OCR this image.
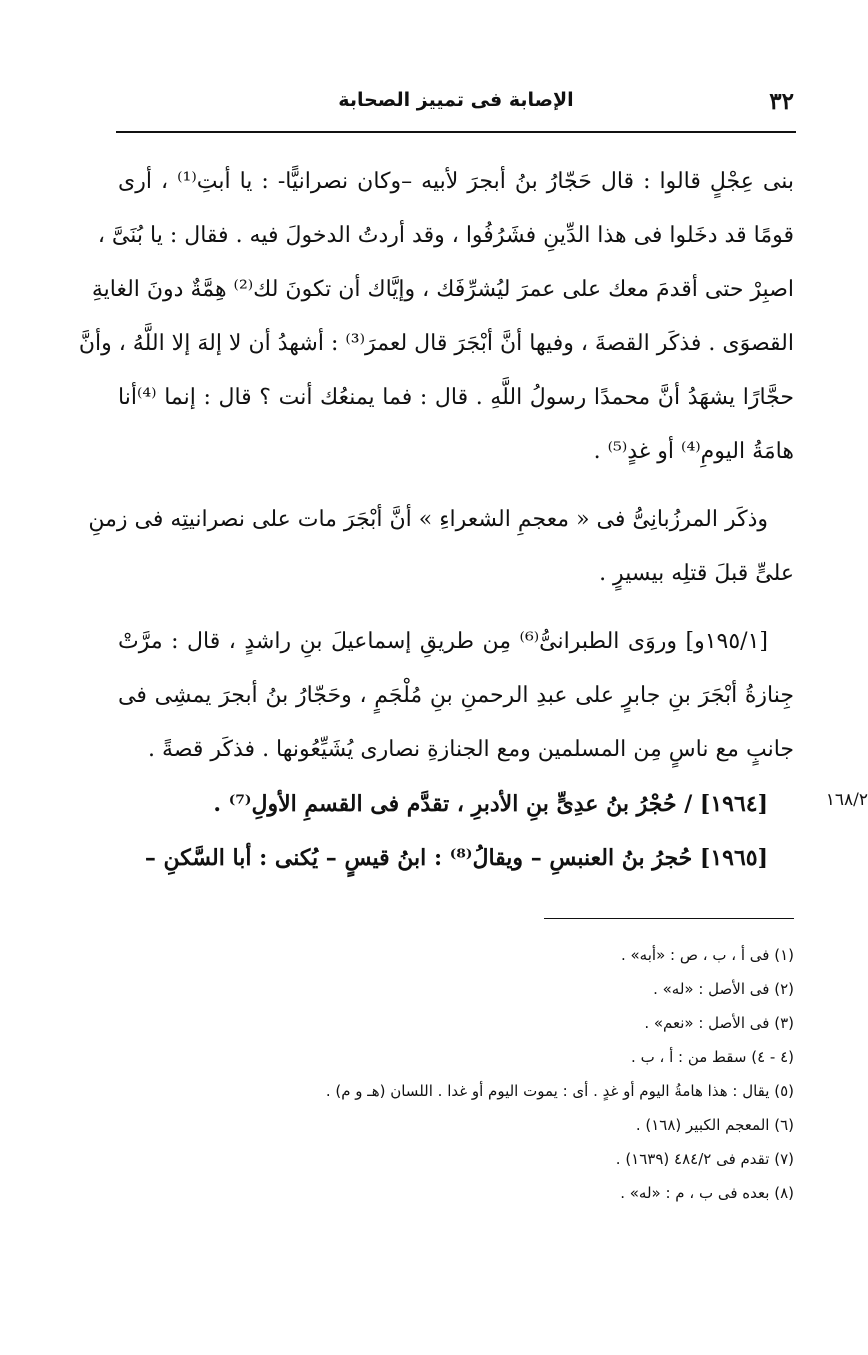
٣٢
الإصابة فى تمييز الصحابة
بنى عِجْلٍ قالوا : قال حَجّارُ بنُ أبجرَ لأبيه –وكان نصرانيًّا- : يا أبتِ⁽¹⁾ ، أرى
قومًا قد دخَلوا فى هذا الدِّينِ فشَرُفُوا ، وقد أردتُ الدخولَ فيه . فقال : يا بُنَىَّ ،
اصبِرْ حتى أقدمَ معك على عمرَ ليُشرِّفَك ، وإيَّاك أن تكونَ لك⁽²⁾ هِمَّةٌ دونَ الغايةِ
القصوَى . فذكَر القصةَ ، وفيها أنَّ أبْجَرَ قال لعمرَ⁽³⁾ : أشهدُ أن لا إلهَ إلا اللَّهُ ، وأنَّ
حجَّارًا يشهَدُ أنَّ محمدًا رسولُ اللَّهِ . قال : فما يمنعُك أنت ؟ قال : إنما ⁽⁴⁾أنا
هامَةُ اليومِ⁽⁴⁾ أو غدٍ⁽⁵⁾ .
وذكَر المرزُبانِىُّ فى « معجمِ الشعراءِ » أنَّ أبْجَرَ مات على نصرانيتِه فى زمنِ
علىٍّ قبلَ قتلِه بيسيرٍ .
[١٩٥/١و] وروَى الطبرانىُّ⁽⁶⁾ مِن طريقِ إسماعيلَ بنِ راشدٍ ، قال : مرَّتْ
جِنازةُ أبْجَرَ بنِ جابرٍ على عبدِ الرحمنِ بنِ مُلْجَمٍ ، وحَجّارُ بنُ أبجرَ يمشِى فى
جانبٍ مع ناسٍ مِن المسلمين ومع الجنازةِ نصارى يُشَيِّعُونها . فذكَر قصةً .
[١٩٦٤] / حُجْرُ بنُ عدِىٍّ بنِ الأدبرِ ، تقدَّم فى القسمِ الأولِ⁽⁷⁾ .
[١٩٦٥] حُجرُ بنُ العنبسِ – ويقالُ⁽⁸⁾ : ابنُ قيسٍ – يُكنى : أبا السَّكنِ –
١٦٨/٢
(١) فى أ ، ب ، ص : «أبه» .
(٢) فى الأصل : «له» .
(٣) فى الأصل : «نعم» .
(٤ - ٤) سقط من : أ ، ب .
(٥) يقال : هذا هامةُ اليوم أو غدٍ . أى : يموت اليوم أو غدا . اللسان (هـ و م) .
(٦) المعجم الكبير (١٦٨) .
(٧) تقدم فى ٤٨٤/٢ (١٦٣٩) .
(٨) بعده فى ب ، م : «له» .
